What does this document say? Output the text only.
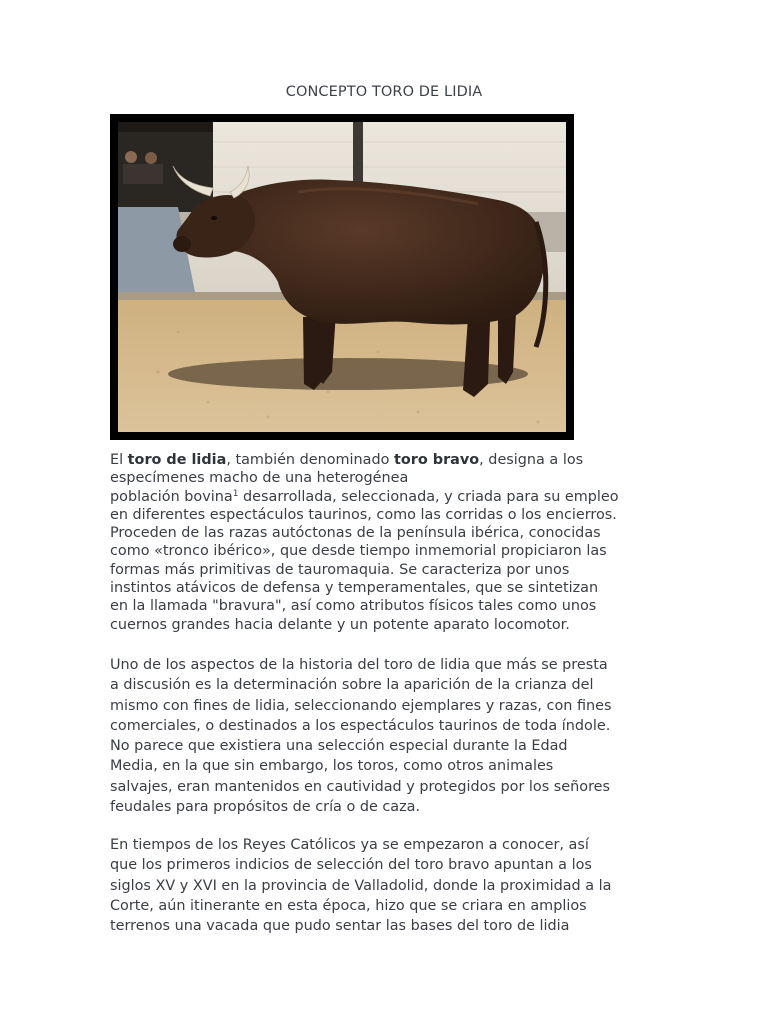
CONCEPTO TORO DE LIDIA
El toro de lidia, también denominado toro bravo, designa a los
especímenes macho de una heterogénea
población bovina$^1$ desarrollada, seleccionada, y criada para su empleo
en diferentes espectáculos taurinos, como las corridas o los encierros.
Proceden de las razas autóctonas de la península ibérica, conocidas
como «tronco ibérico», que desde tiempo inmemorial propiciaron las
formas más primitivas de tauromaquia. Se caracteriza por unos
instintos atávicos de defensa y temperamentales, que se sintetizan
en la llamada "bravura", así como atributos físicos tales como unos
cuernos grandes hacia delante y un potente aparato locomotor.
Uno de los aspectos de la historia del toro de lidia que más se presta
a discusión es la determinación sobre la aparición de la crianza del
mismo con fines de lidia, seleccionando ejemplares y razas, con fines
comerciales, o destinados a los espectáculos taurinos de toda índole.
No parece que existiera una selección especial durante la Edad
Media, en la que sin embargo, los toros, como otros animales
salvajes, eran mantenidos en cautividad y protegidos por los señores
feudales para propósitos de cría o de caza.
En tiempos de los Reyes Católicos ya se empezaron a conocer, así
que los primeros indicios de selección del toro bravo apuntan a los
siglos XV y XVI en la provincia de Valladolid, donde la proximidad a la
Corte, aún itinerante en esta época, hizo que se criara en amplios
terrenos una vacada que pudo sentar las bases del toro de lidia
